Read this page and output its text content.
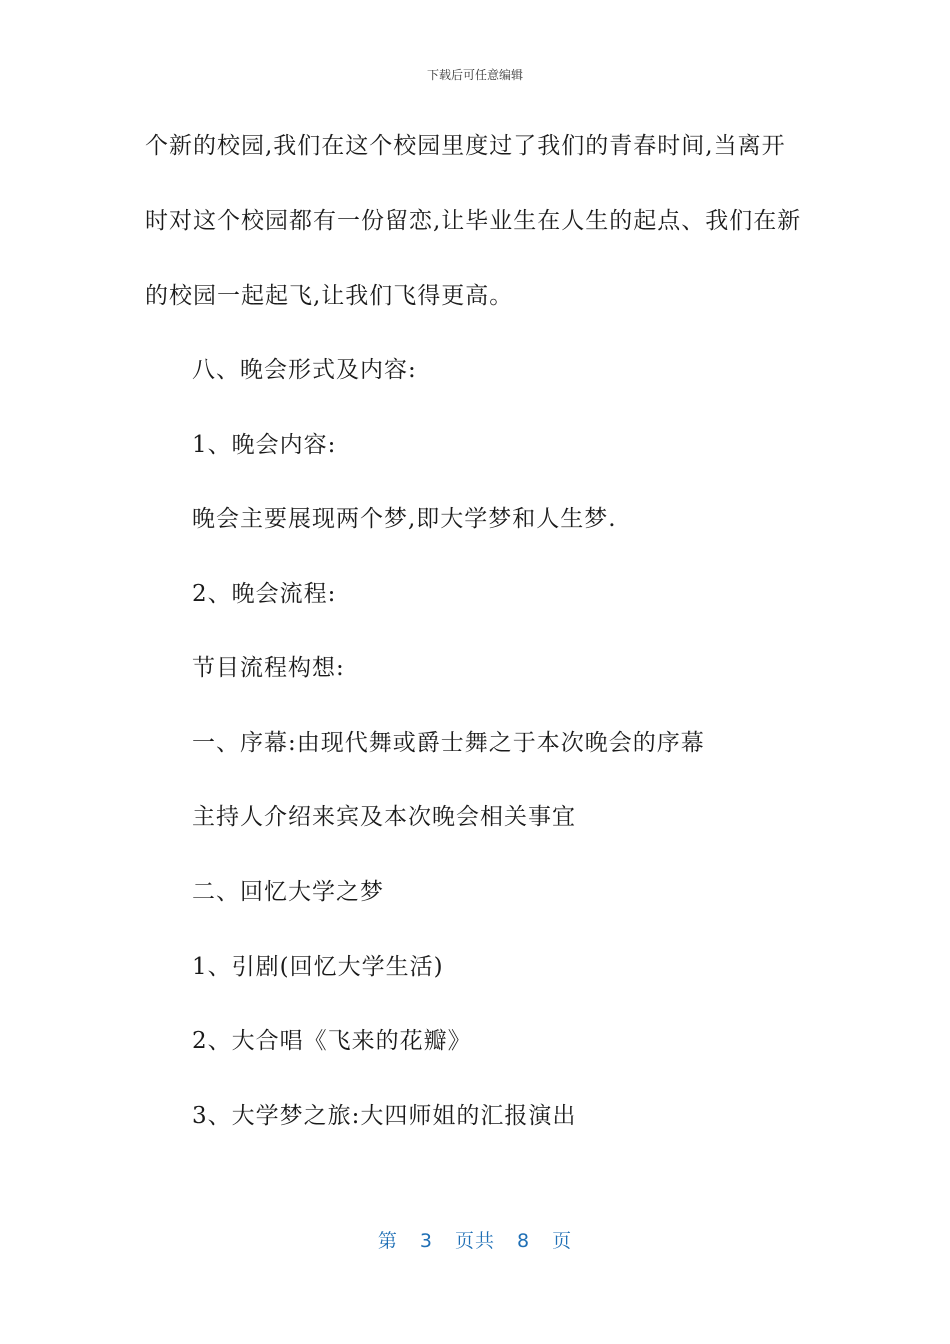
下载后可任意编辑
个新的校园,我们在这个校园里度过了我们的青春时间,当离开
时对这个校园都有一份留恋,让毕业生在人生的起点、我们在新
的校园一起起飞,让我们飞得更高。
八、晚会形式及内容:
1、晚会内容:
晚会主要展现两个梦,即大学梦和人生梦.
2、晚会流程:
节目流程构想:
一、序幕:由现代舞或爵士舞之于本次晚会的序幕
主持人介绍来宾及本次晚会相关事宜
二、回忆大学之梦
1、引剧(回忆大学生活)
2、大合唱《飞来的花瓣》
3、大学梦之旅:大四师姐的汇报演出
第 3 页共 8 页
